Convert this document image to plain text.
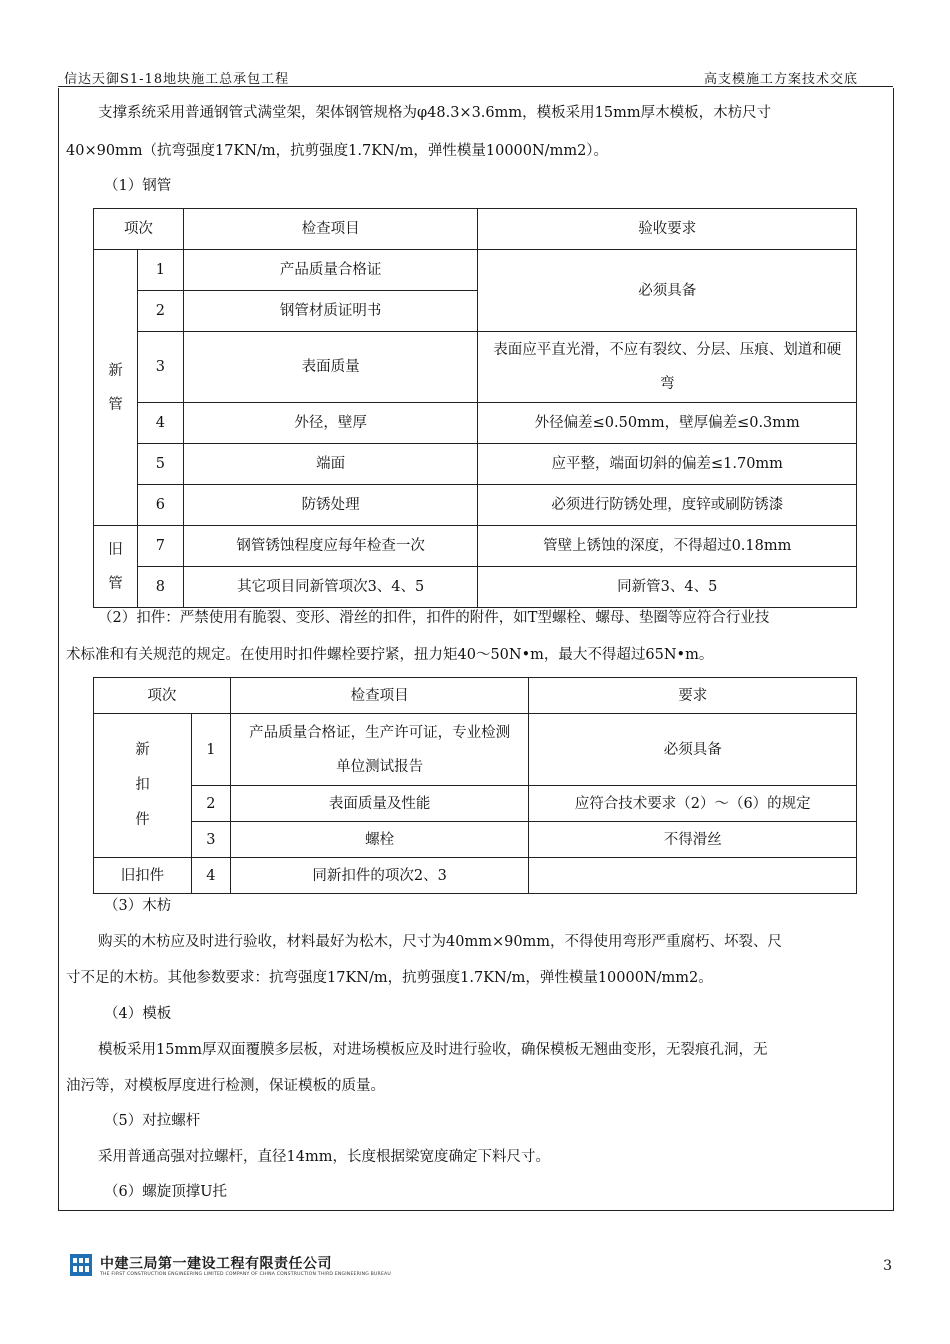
信达天御S1-18地块施工总承包工程	高支模施工方案技术交底
支撑系统采用普通钢管式满堂架，架体钢管规格为φ48.3×3.6mm，模板采用15mm厚木模板，木枋尺寸
40×90mm（抗弯强度17KN/m，抗剪强度1.7KN/m，弹性模量10000N/mm2）。
（1）钢管
项次		检查项目	验收要求
新
管	1	产品质量合格证	必须具备
	2	钢管材质证明书	
	3	表面质量	表面应平直光滑，不应有裂纹、分层、压痕、划道和硬弯
	4	外径，壁厚	外径偏差≤0.50mm，壁厚偏差≤0.3mm
	5	端面	应平整，端面切斜的偏差≤1.70mm
	6	防锈处理	必须进行防锈处理，度锌或刷防锈漆
旧
管	7	钢管锈蚀程度应每年检查一次	管壁上锈蚀的深度，不得超过0.18mm
	8	其它项目同新管项次3、4、5	同新管3、4、5
（2）扣件：严禁使用有脆裂、变形、滑丝的扣件，扣件的附件，如T型螺栓、螺母、垫圈等应符合行业技
术标准和有关规范的规定。在使用时扣件螺栓要拧紧，扭力矩40～50N•m，最大不得超过65N•m。
项次		检查项目	要求
新
扣
件	1	产品质量合格证，生产许可证，专业检测单位测试报告	必须具备
	2	表面质量及性能	应符合技术要求（2）～（6）的规定
	3	螺栓	不得滑丝
旧扣件	4	同新扣件的项次2、3	
（3）木枋
购买的木枋应及时进行验收，材料最好为松木，尺寸为40mm×90mm，不得使用弯形严重腐朽、坏裂、尺
寸不足的木枋。其他参数要求：抗弯强度17KN/m，抗剪强度1.7KN/m，弹性模量10000N/mm2。
（4）模板
模板采用15mm厚双面覆膜多层板，对进场模板应及时进行验收，确保模板无翘曲变形，无裂痕孔洞，无
油污等，对模板厚度进行检测，保证模板的质量。
（5）对拉螺杆
采用普通高强对拉螺杆，直径14mm，长度根据梁宽度确定下料尺寸。
（6）螺旋顶撑U托
中建三局第一建设工程有限责任公司
THE FIRST CONSTRUCTION ENGINEERING LIMITED COMPANY OF CHINA CONSTRUCTION THIRD ENGINEERING BUREAU
3
